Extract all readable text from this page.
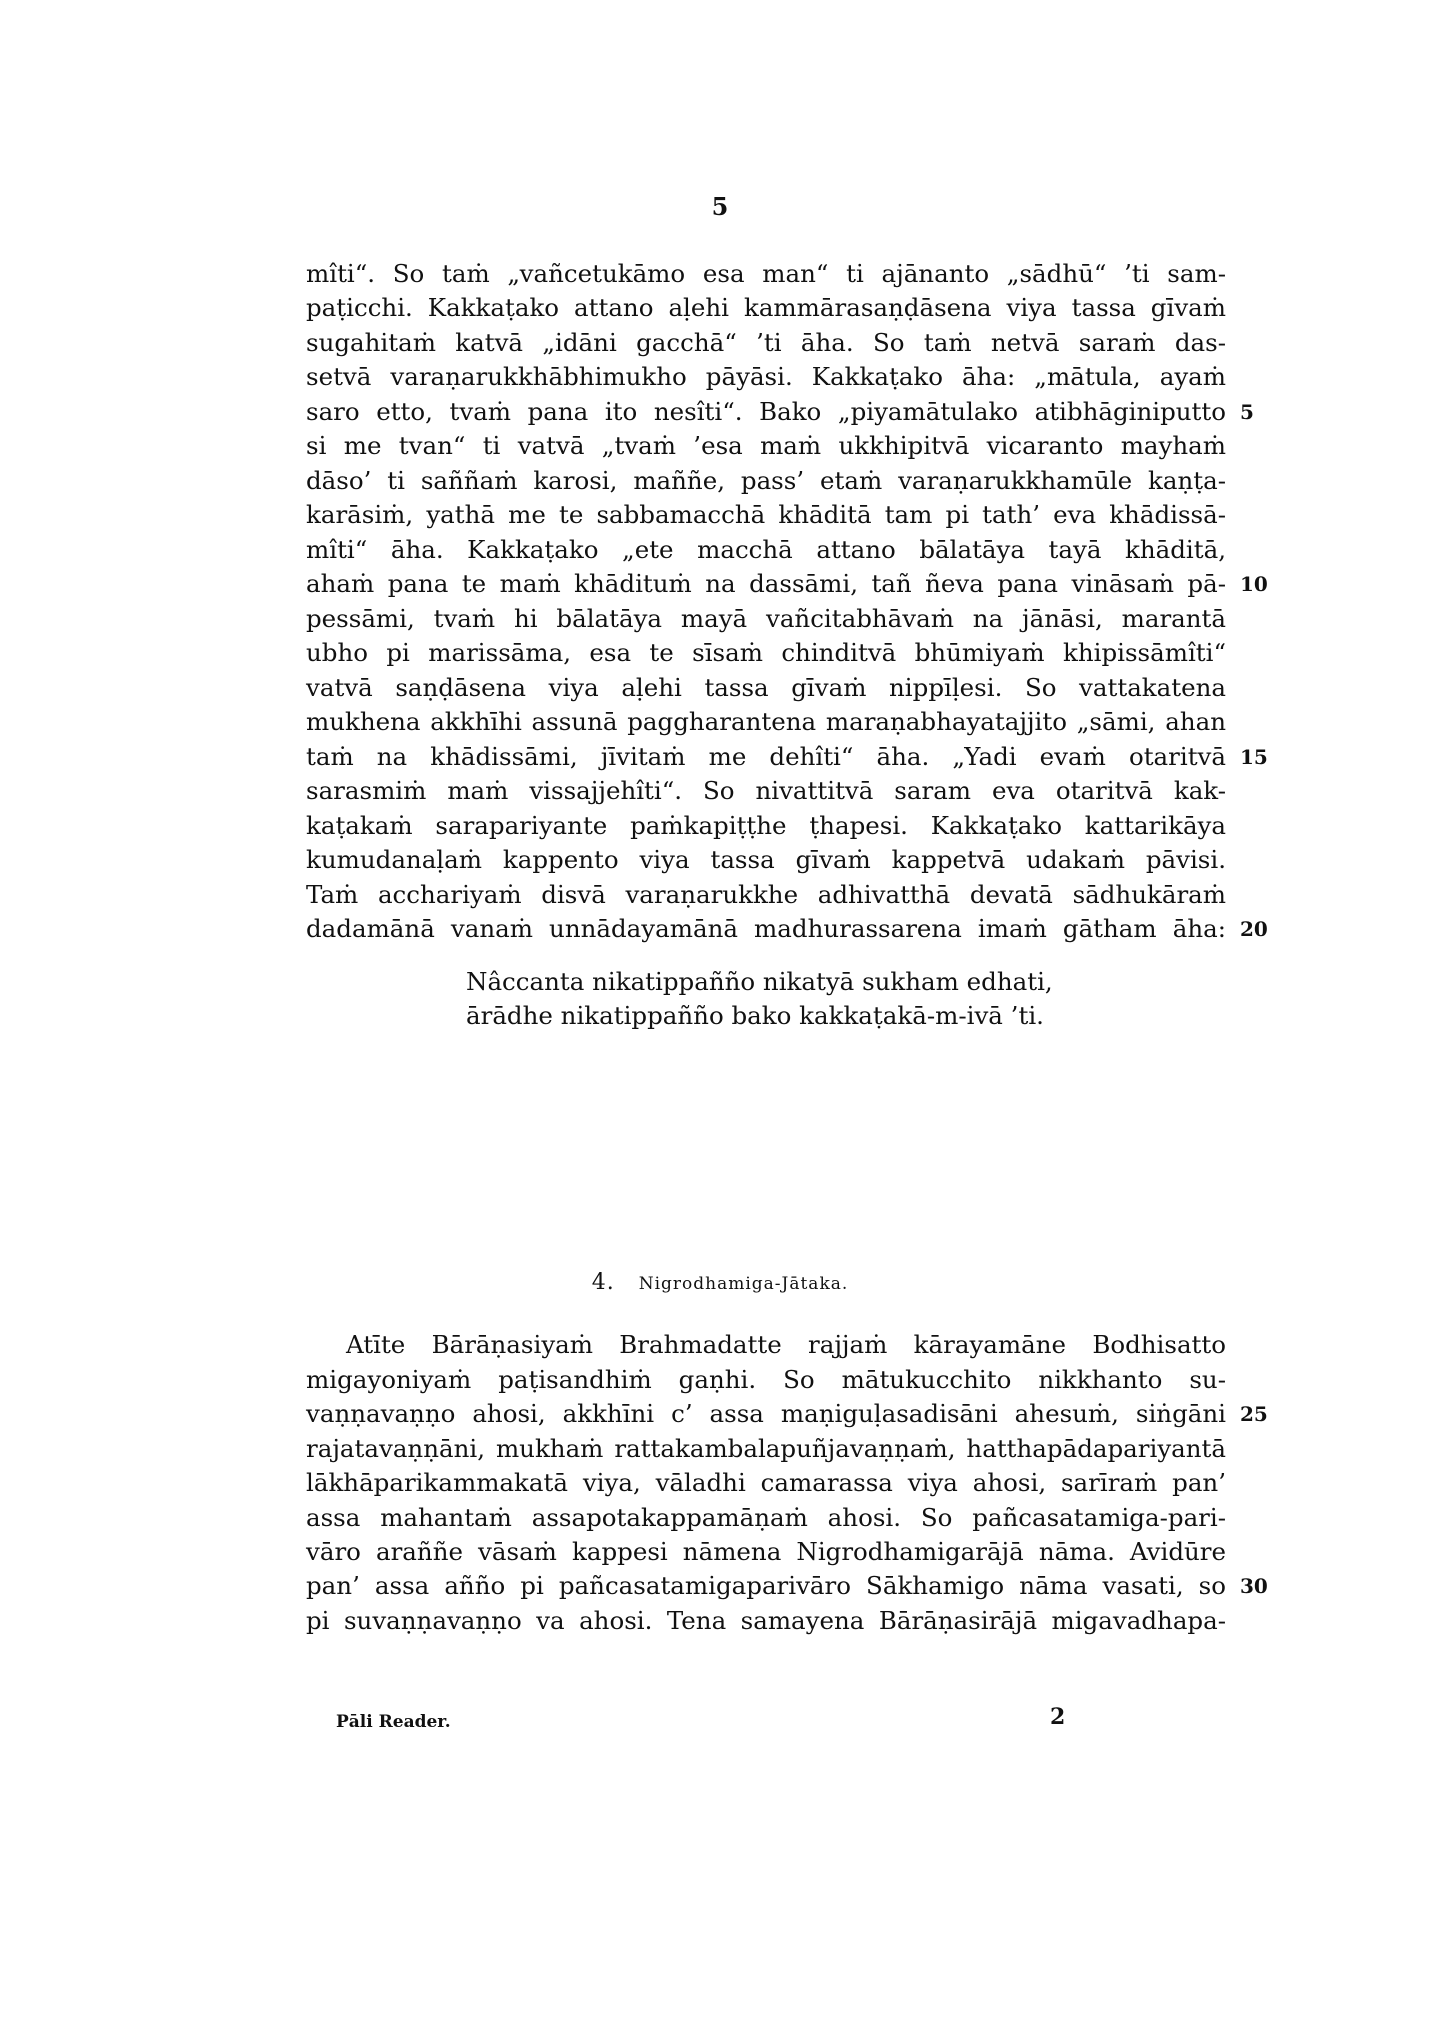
5
mîti“. So taṁ „vañcetukāmo esa man“ ti ajānanto „sādhū“ ’ti sam-
paṭicchi. Kakkaṭako attano aḷehi kammārasaṇḍāsena viya tassa gīvaṁ
sugahitaṁ katvā „idāni gacchā“ ’ti āha. So taṁ netvā saraṁ das-
setvā varaṇarukkhābhimukho pāyāsi. Kakkaṭako āha: „mātula, ayaṁ
saro etto, tvaṁ pana ito nesîti“. Bako „piyamātulako atibhāginiputto
si me tvan“ ti vatvā „tvaṁ ’esa maṁ ukkhipitvā vicaranto mayhaṁ
dāso’ ti saññaṁ karosi, maññe, pass’ etaṁ varaṇarukkhamūle kaṇṭa-
karāsiṁ, yathā me te sabbamacchā khāditā tam pi tath’ eva khādissā-
mîti“ āha. Kakkaṭako „ete macchā attano bālatāya tayā khāditā,
ahaṁ pana te maṁ khādituṁ na dassāmi, tañ ñeva pana vināsaṁ pā-
pessāmi, tvaṁ hi bālatāya mayā vañcitabhāvaṁ na jānāsi, marantā
ubho pi marissāma, esa te sīsaṁ chinditvā bhūmiyaṁ khipissāmîti“
vatvā saṇḍāsena viya aḷehi tassa gīvaṁ nippīḷesi. So vattakatena
mukhena akkhīhi assunā paggharantena maraṇabhayatajjito „sāmi, ahan
taṁ na khādissāmi, jīvitaṁ me dehîti“ āha. „Yadi evaṁ otaritvā
sarasmiṁ maṁ vissajjehîti“. So nivattitvā saram eva otaritvā kak-
kaṭakaṁ sarapariyante paṁkapiṭṭhe ṭhapesi. Kakkaṭako kattarikāya
kumudanaḷaṁ kappento viya tassa gīvaṁ kappetvā udakaṁ pāvisi.
Taṁ acchariyaṁ disvā varaṇarukkhe adhivatthā devatā sādhukāraṁ
dadamānā vanaṁ unnādayamānā madhurassarena imaṁ gātham āha:
5
10
15
20
25
30
Nâccanta nikatippañño nikatyā sukham edhati,
ārādhe nikatippañño bako kakkaṭakā-m-ivā ’ti.
4. Nigrodhamiga-Jātaka.
Atīte Bārāṇasiyaṁ Brahmadatte rajjaṁ kārayamāne Bodhisatto
migayoniyaṁ paṭisandhiṁ gaṇhi. So mātukucchito nikkhanto su-
vaṇṇavaṇṇo ahosi, akkhīni c’ assa maṇiguḷasadisāni ahesuṁ, siṅgāni
rajatavaṇṇāni, mukhaṁ rattakambalapuñjavaṇṇaṁ, hatthapādapariyantā
lākhāparikammakatā viya, vāladhi camarassa viya ahosi, sarīraṁ pan’
assa mahantaṁ assapotakappamāṇaṁ ahosi. So pañcasatamiga-pari-
vāro araññe vāsaṁ kappesi nāmena Nigrodhamigarājā nāma. Avidūre
pan’ assa añño pi pañcasatamigaparivāro Sākhamigo nāma vasati, so
pi suvaṇṇavaṇṇo va ahosi. Tena samayena Bārāṇasirājā migavadhapa-
Pāli Reader.	2
